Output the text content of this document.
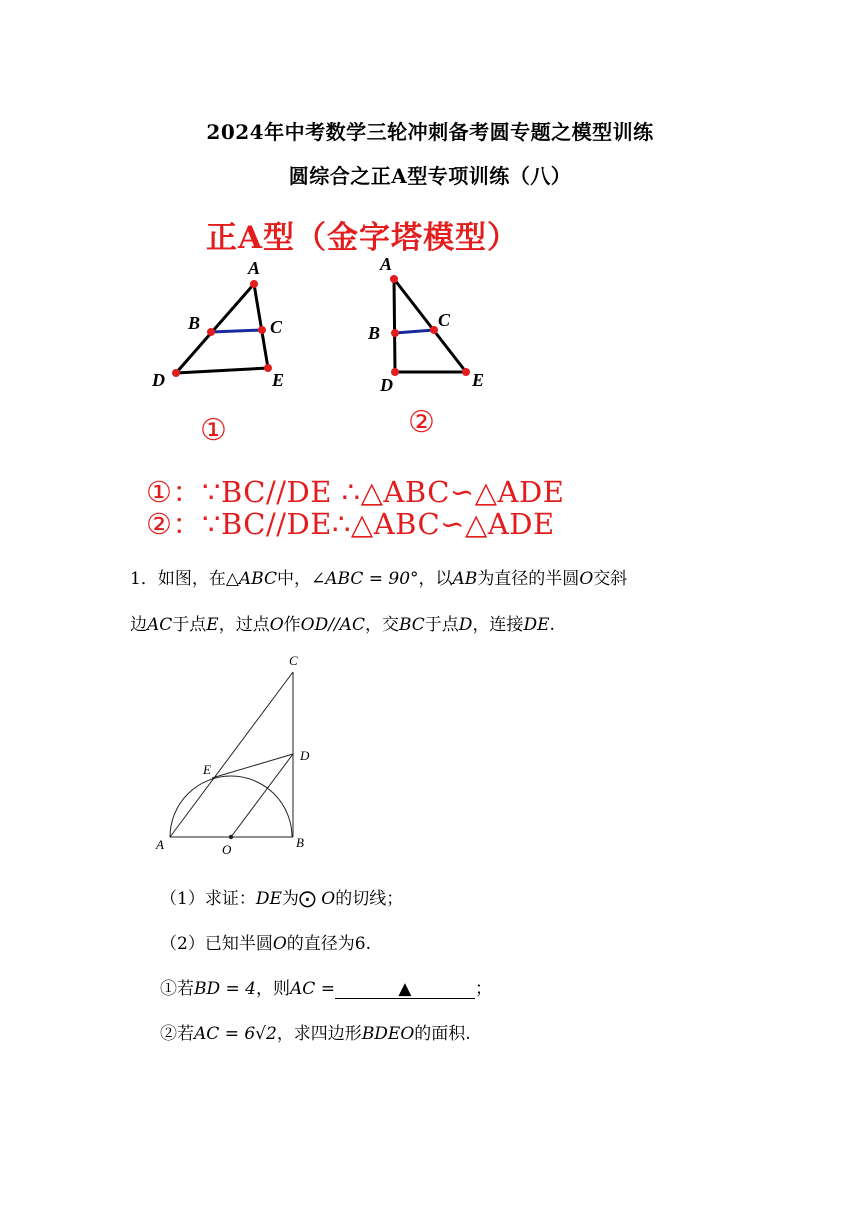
2024年中考数学三轮冲刺备考圆专题之模型训练
圆综合之正A型专项训练（八）
正A型（金字塔模型）
A
B	C
D	E
①
A
B
C
D	E
②
①：∵BC//DE ∴△ABC∽△ADE
②：∵BC//DE∴△ABC∽△ADE
1．如图，在△ABC中，∠ABC = 90°，以AB为直径的半圆O交斜
边AC于点E，过点O作OD//AC，交BC于点D，连接DE.
C
D
E
A	O	B
（1）求证：DE为⨀ O的切线；
（2）已知半圆O的直径为6.
①若BD = 4，则AC =	▲	；
②若AC = 6√2，求四边形BDEO的面积.
